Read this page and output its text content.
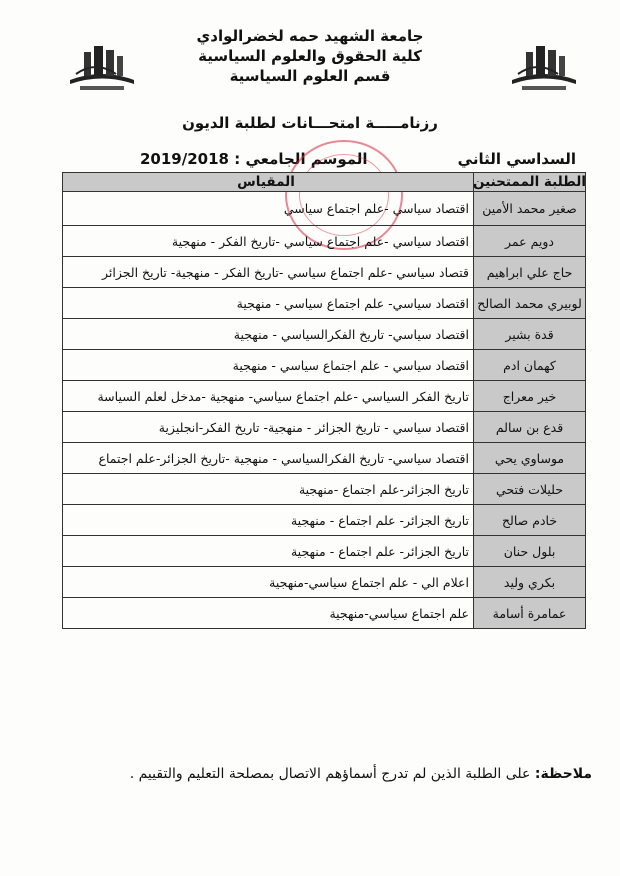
جامعة الشهيد حمه لخضرالوادي
كلية الحقوق والعلوم السياسية
قسم العلوم السياسية
رزنامـــــة امتحـــانات لطلبة الديون
السداسي الثاني
الموسم الجامعي : 2019/2018
الطلبة الممتحنين
المقياس
صغير محمد الأمين
اقتصاد سياسي -علم اجتماع سياسي
دويم عمر
اقتصاد سياسي -علم اجتماع سياسي -تاريخ الفكر - منهجية
حاج علي ابراهيم
قتصاد سياسي -علم اجتماع سياسي -تاريخ الفكر - منهجية- تاريخ الجزائر
لوبيري محمد الصالح
اقتصاد سياسي- علم اجتماع سياسي - منهجية
قدة بشير
اقتصاد سياسي- تاريخ الفكرالسياسي - منهجية
كهمان ادم
اقتصاد سياسي - علم اجتماع سياسي - منهجية
خير معراج
تاريخ الفكر السياسي -علم اجتماع سياسي- منهجية -مدخل لعلم السياسة
قدع بن سالم
اقتصاد سياسي - تاريخ الجزائر - منهجية- تاريخ الفكر-انجليزية
موساوي يحي
اقتصاد سياسي- تاريخ الفكرالسياسي - منهجية -تاريخ الجزائر-علم اجتماع
حليلات فتحي
تاريخ الجزائر-علم اجتماع -منهجية
خادم صالح
تاريخ الجزائر- علم اجتماع - منهجية
بلول حنان
تاريخ الجزائر- علم اجتماع - منهجية
بكري وليد
اعلام الي - علم اجتماع سياسي-منهجية
عمامرة أسامة
علم اجتماع سياسي-منهجية
ملاحظة: على الطلبة الذين لم تدرج أسماؤهم الاتصال بمصلحة التعليم والتقييم .
